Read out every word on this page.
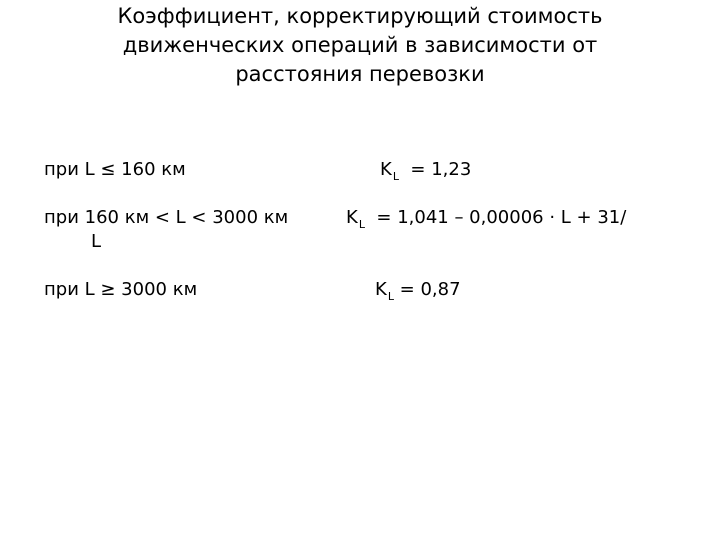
Коэффициент, корректирующий стоимость
движенческих операций в зависимости от
расстояния перевозки
при L ≤ 160 км	$K_L = 1,23$
при 160 км < L < 3000 км
L
$K_L = 1,041 - 0,00006 \cdot L + 31/$
при L ≥ 3000 км	$K_L = 0,87$
